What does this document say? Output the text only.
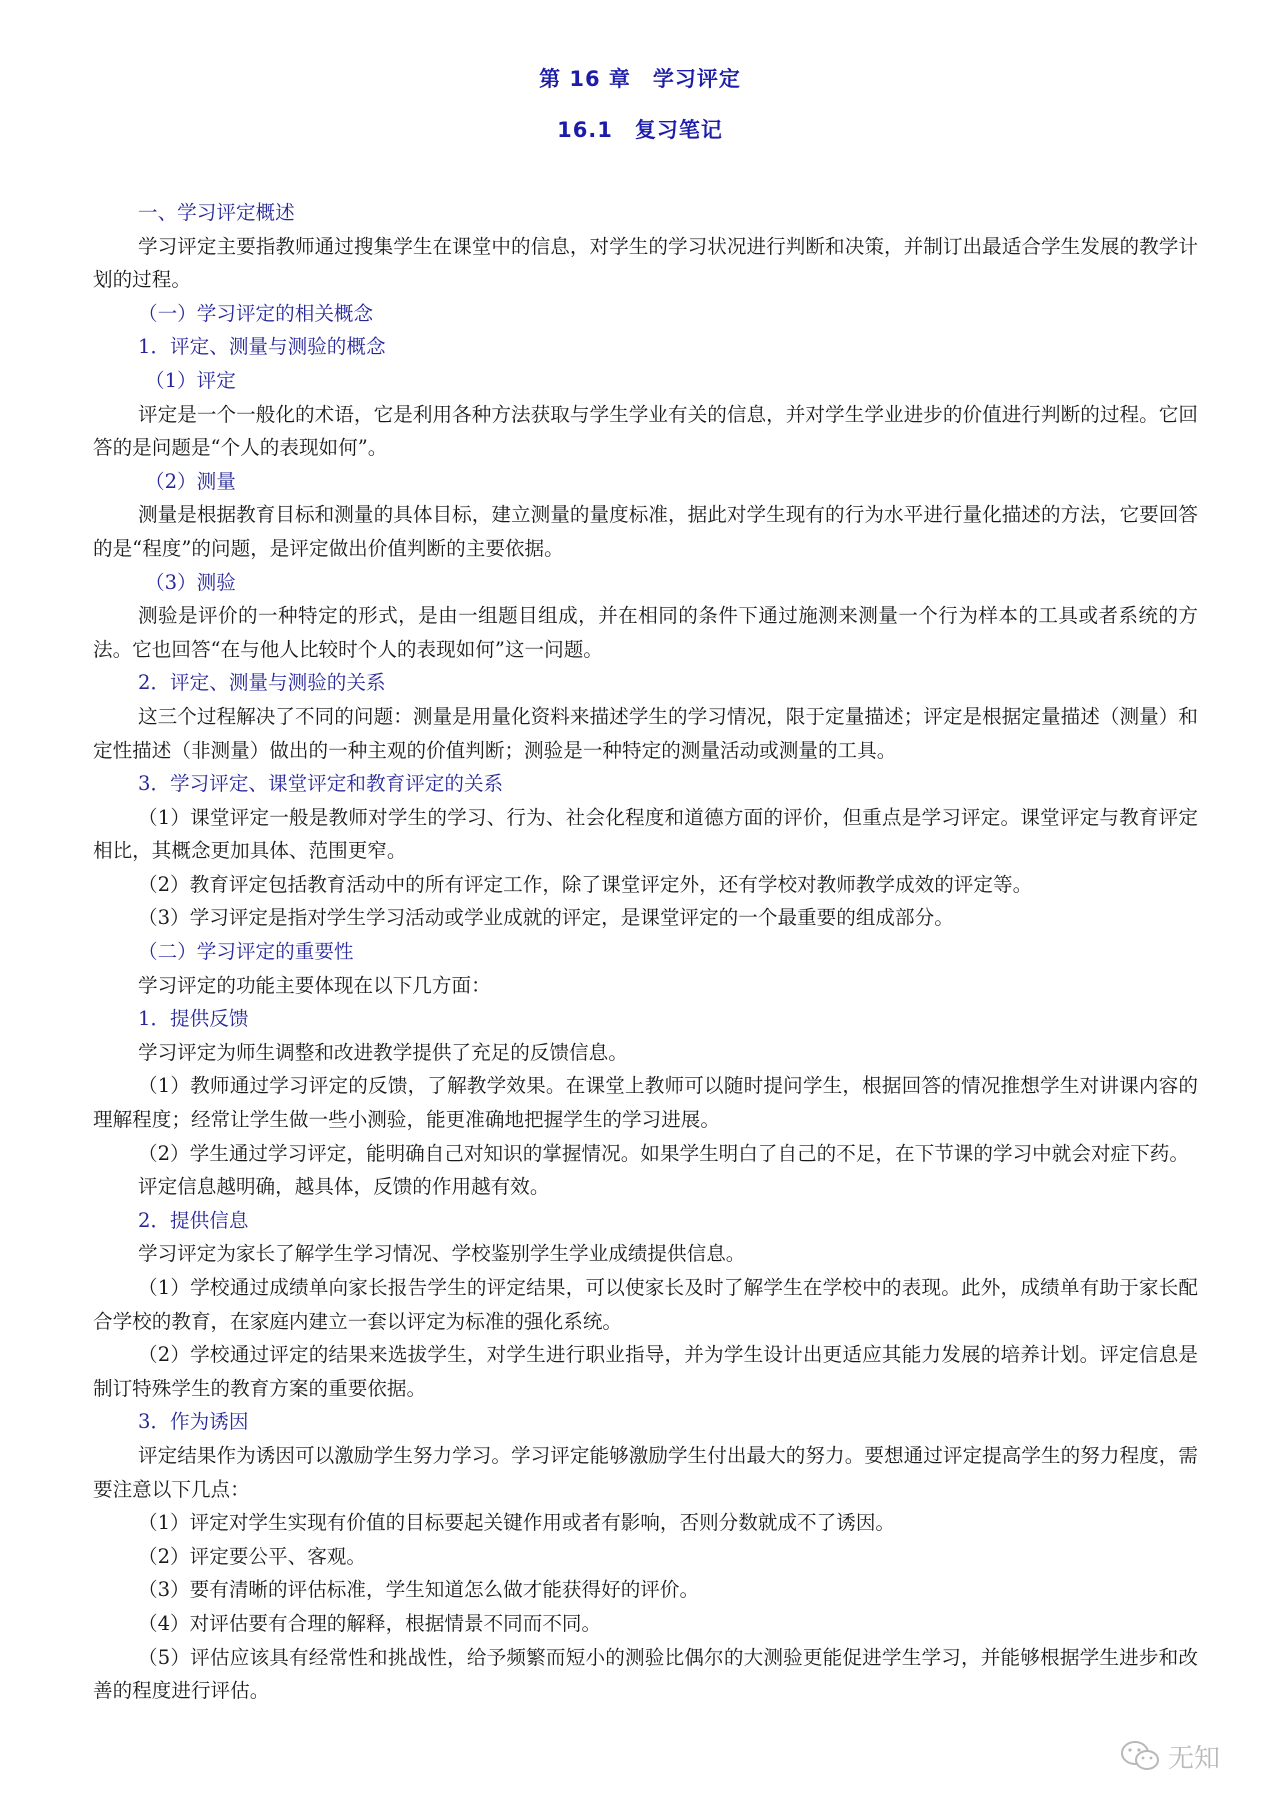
第 16 章　学习评定
16.1　复习笔记

一、学习评定概述

学习评定主要指教师通过搜集学生在课堂中的信息，对学生的学习状况进行判断和决策，并制订出最适合学生发展的教学计划的过程。

（一）学习评定的相关概念

1．评定、测量与测验的概念

（1）评定

评定是一个一般化的术语，它是利用各种方法获取与学生学业有关的信息，并对学生学业进步的价值进行判断的过程。它回答的是问题是“个人的表现如何”。

（2）测量

测量是根据教育目标和测量的具体目标，建立测量的量度标准，据此对学生现有的行为水平进行量化描述的方法，它要回答的是“程度”的问题，是评定做出价值判断的主要依据。

（3）测验

测验是评价的一种特定的形式，是由一组题目组成，并在相同的条件下通过施测来测量一个行为样本的工具或者系统的方法。它也回答“在与他人比较时个人的表现如何”这一问题。

2．评定、测量与测验的关系

这三个过程解决了不同的问题：测量是用量化资料来描述学生的学习情况，限于定量描述；评定是根据定量描述（测量）和定性描述（非测量）做出的一种主观的价值判断；测验是一种特定的测量活动或测量的工具。

3．学习评定、课堂评定和教育评定的关系

（1）课堂评定一般是教师对学生的学习、行为、社会化程度和道德方面的评价，但重点是学习评定。课堂评定与教育评定相比，其概念更加具体、范围更窄。

（2）教育评定包括教育活动中的所有评定工作，除了课堂评定外，还有学校对教师教学成效的评定等。

（3）学习评定是指对学生学习活动或学业成就的评定，是课堂评定的一个最重要的组成部分。

（二）学习评定的重要性

学习评定的功能主要体现在以下几方面：

1．提供反馈

学习评定为师生调整和改进教学提供了充足的反馈信息。

（1）教师通过学习评定的反馈，了解教学效果。在课堂上教师可以随时提问学生，根据回答的情况推想学生对讲课内容的理解程度；经常让学生做一些小测验，能更准确地把握学生的学习进展。

（2）学生通过学习评定，能明确自己对知识的掌握情况。如果学生明白了自己的不足，在下节课的学习中就会对症下药。

评定信息越明确，越具体，反馈的作用越有效。

2．提供信息

学习评定为家长了解学生学习情况、学校鉴别学生学业成绩提供信息。

（1）学校通过成绩单向家长报告学生的评定结果，可以使家长及时了解学生在学校中的表现。此外，成绩单有助于家长配合学校的教育，在家庭内建立一套以评定为标准的强化系统。

（2）学校通过评定的结果来选拔学生，对学生进行职业指导，并为学生设计出更适应其能力发展的培养计划。评定信息是制订特殊学生的教育方案的重要依据。

3．作为诱因

评定结果作为诱因可以激励学生努力学习。学习评定能够激励学生付出最大的努力。要想通过评定提高学生的努力程度，需要注意以下几点：

（1）评定对学生实现有价值的目标要起关键作用或者有影响，否则分数就成不了诱因。

（2）评定要公平、客观。

（3）要有清晰的评估标准，学生知道怎么做才能获得好的评价。

（4）对评估要有合理的解释，根据情景不同而不同。

（5）评估应该具有经常性和挑战性，给予频繁而短小的测验比偶尔的大测验更能促进学生学习，并能够根据学生进步和改善的程度进行评估。

无知
